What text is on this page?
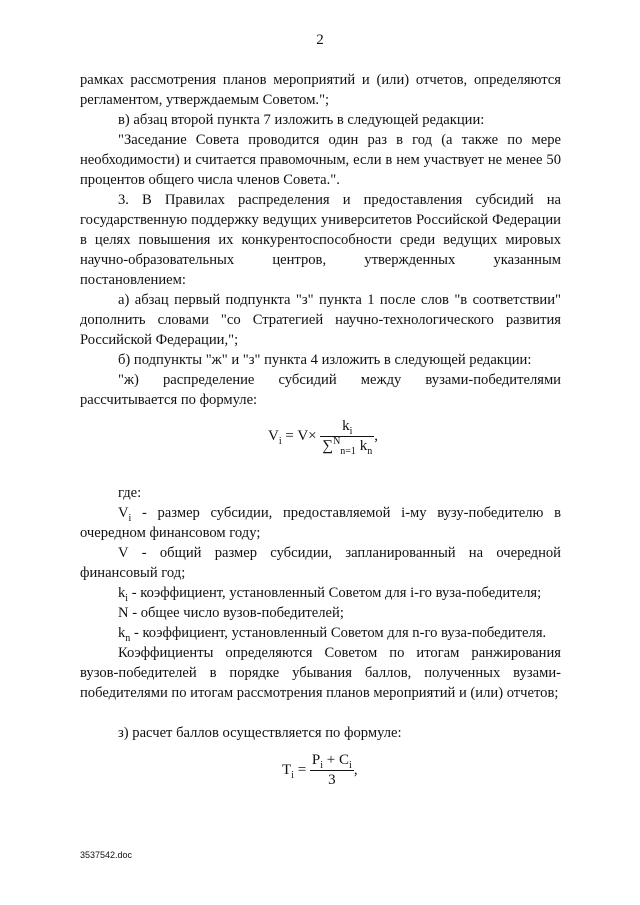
2

рамках рассмотрения планов мероприятий и (или) отчетов, определяются регламентом, утверждаемым Советом.";

в) абзац второй пункта 7 изложить в следующей редакции:

"Заседание Совета проводится один раз в год (а также по мере необходимости) и считается правомочным, если в нем участвует не менее 50 процентов общего числа членов Совета.".

3. В Правилах распределения и предоставления субсидий на государственную поддержку ведущих университетов Российской Федерации в целях повышения их конкурентоспособности среди ведущих мировых научно-образовательных центров, утвержденных указанным постановлением:

а) абзац первый подпункта "з" пункта 1 после слов "в соответствии" дополнить словами "со Стратегией научно-технологического развития Российской Федерации,";

б) подпункты "ж" и "з" пункта 4 изложить в следующей редакции:

"ж) распределение субсидий между вузами-победителями рассчитывается по формуле:

$V_i = V\times \frac{k_i}{\sum^N_{n=1} k_n}$ ,

где:

$V_i$ - размер субсидии, предоставляемой i-му вузу-победителю в очередном финансовом году;
V - общий размер субсидии, запланированный на очередной финансовый год;
$k_i$ - коэффициент, установленный Советом для i-го вуза-победителя;
N - общее число вузов-победителей;
$k_n$ - коэффициент, установленный Советом для n-го вуза-победителя.

Коэффициенты определяются Советом по итогам ранжирования вузов-победителей в порядке убывания баллов, полученных вузами-победителями по итогам рассмотрения планов мероприятий и (или) отчетов;

з) расчет баллов осуществляется по формуле:

$T_i = \frac{P_i + C_i}{3}$ ,
3537542.doc
